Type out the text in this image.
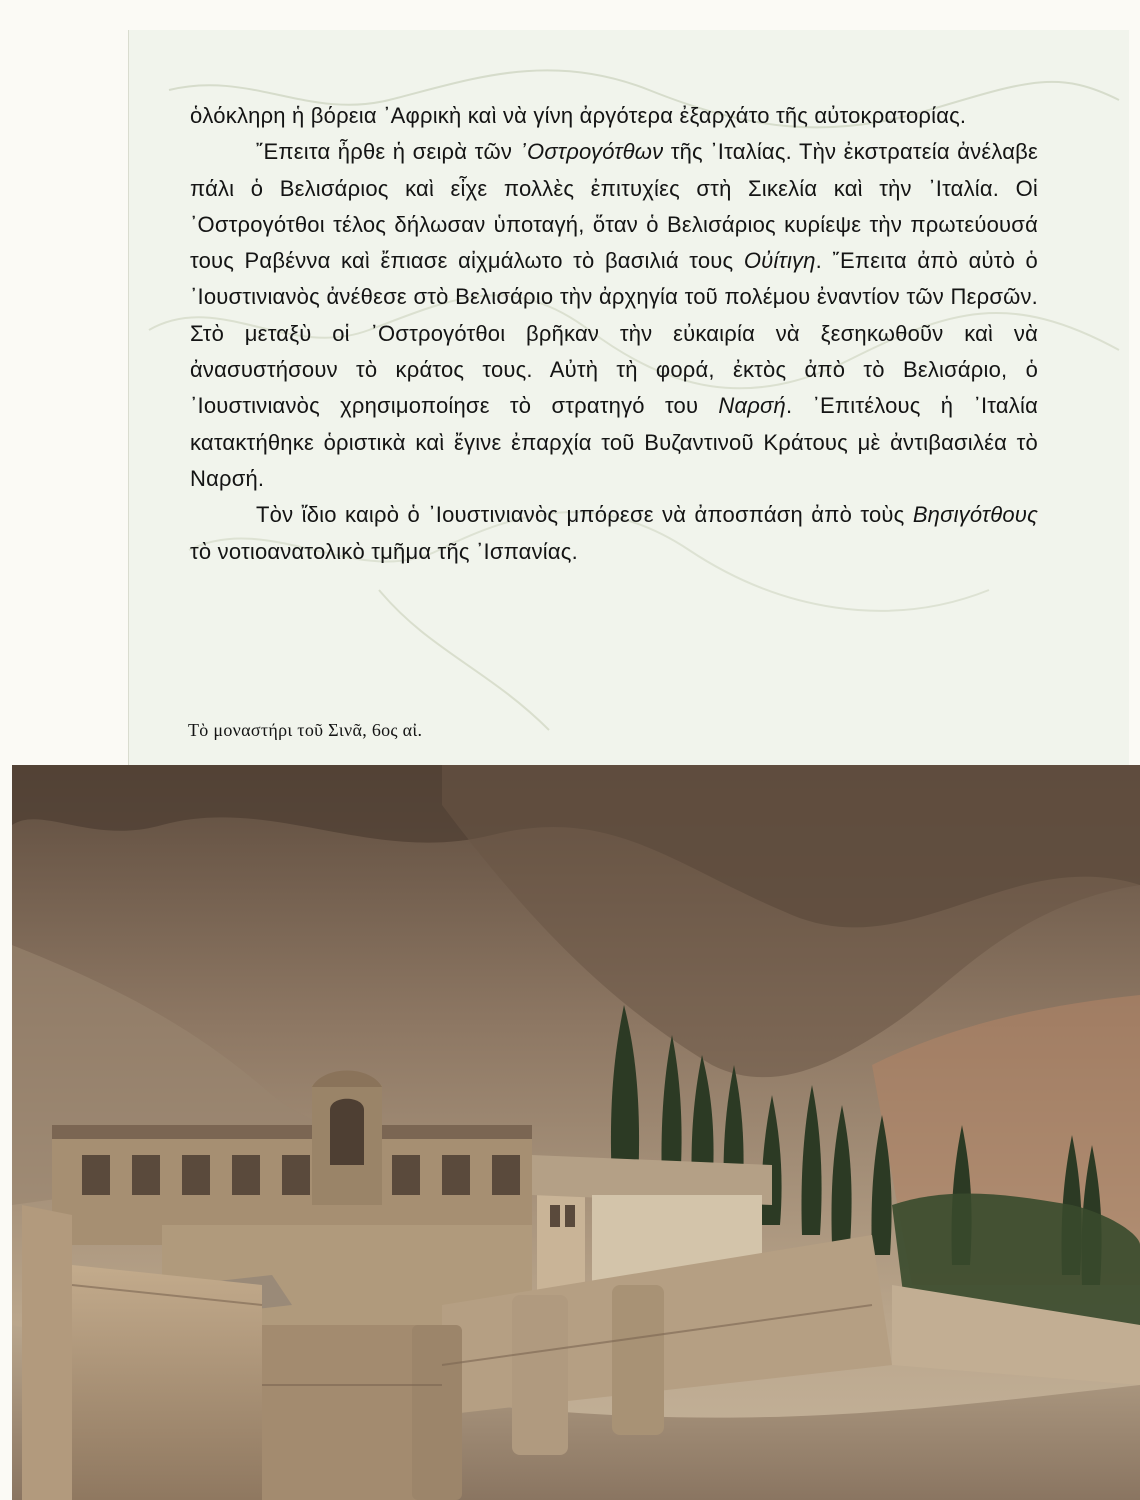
ὁλόκληρη ἡ βόρεια ᾿Αφρικὴ καὶ νὰ γίνη ἀργότερα ἐξαρχάτο τῆς αὐτοκρατορίας.

῎Επειτα ἦρθε ἡ σειρὰ τῶν ᾿Οστρογότθων τῆς ᾿Ιταλίας. Τὴν ἐκστρατεία ἀνέλαβε πάλι ὁ Βελισάριος καὶ εἶχε πολλὲς ἐπιτυχίες στὴ Σικελία καὶ τὴν ᾿Ιταλία. Οἱ ᾿Οστρογότθοι τέλος δήλωσαν ὑποταγή, ὅταν ὁ Βελισάριος κυρίεψε τὴν πρωτεύουσά τους Ραβέννα καὶ ἔπιασε αἰχμάλωτο τὸ βασιλιά τους Οὐίτιγη. ῎Επειτα ἀπὸ αὐτὸ ὁ ᾿Ιουστινιανὸς ἀνέθεσε στὸ Βελισάριο τὴν ἀρχηγία τοῦ πολέμου ἐναντίον τῶν Περσῶν. Στὸ μεταξὺ οἱ ᾿Οστρογότθοι βρῆκαν τὴν εὐκαιρία νὰ ξεσηκωθοῦν καὶ νὰ ἀνασυστήσουν τὸ κράτος τους. Αὐτὴ τὴ φορά, ἐκτὸς ἀπὸ τὸ Βελισάριο, ὁ ᾿Ιουστινιανὸς χρησιμοποίησε τὸ στρατηγό του Ναρσή. ᾿Επιτέλους ἡ ᾿Ιταλία κατακτήθηκε ὁριστικὰ καὶ ἔγινε ἐπαρχία τοῦ Βυζαντινοῦ Κράτους μὲ ἀντιβασιλέα τὸ Ναρσή.

Τὸν ἴδιο καιρὸ ὁ ᾿Ιουστινιανὸς μπόρεσε νὰ ἀποσπάση ἀπὸ τοὺς Βησιγότθους τὸ νοτιοανατολικὸ τμῆμα τῆς ᾿Ισπανίας.

Τὸ μοναστήρι τοῦ Σινᾶ, 6ος αἰ.
